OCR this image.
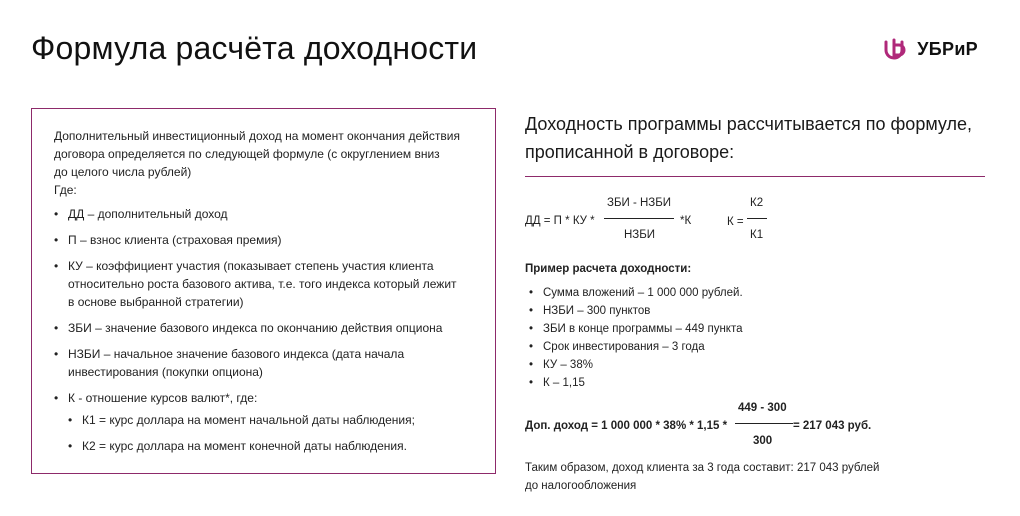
Формула расчёта доходности	УБРиР

Дополнительный инвестиционный доход на момент окончания действия
договора определяется по следующей формуле (с округлением вниз
до целого числа рублей)
Где:

• ДД – дополнительный доход
• П – взнос клиента (страховая премия)
• КУ – коэффициент участия (показывает степень участия клиента
относительно роста базового актива, т.е. того индекса который лежит
в основе выбранной стратегии)
• ЗБИ – значение базового индекса по окончанию действия опциона
• НЗБИ – начальное значение базового индекса (дата начала
инвестирования (покупки опциона)
• К - отношение курсов валют*, где:
• К1 = курс доллара на момент начальной даты наблюдения;
• К2 = курс доллара на момент конечной даты наблюдения.

Доходность программы рассчитывается по формуле,
прописанной в договоре:

ДД = П * КУ *
ЗБИ - НЗБИ
НЗБИ
*К	К =
К2
К1
Пример расчета доходности:
• Сумма вложений – 1 000 000 рублей.
• НЗБИ – 300 пунктов
• ЗБИ в конце программы – 449 пункта
• Срок инвестирования – 3 года
• КУ – 38%
• К – 1,15
Доп. доход = 1 000 000 * 38% * 1,15 *
449 - 300
300
= 217 043 руб.
Таким образом, доход клиента за 3 года составит: 217 043 рублей
до налогообложения
